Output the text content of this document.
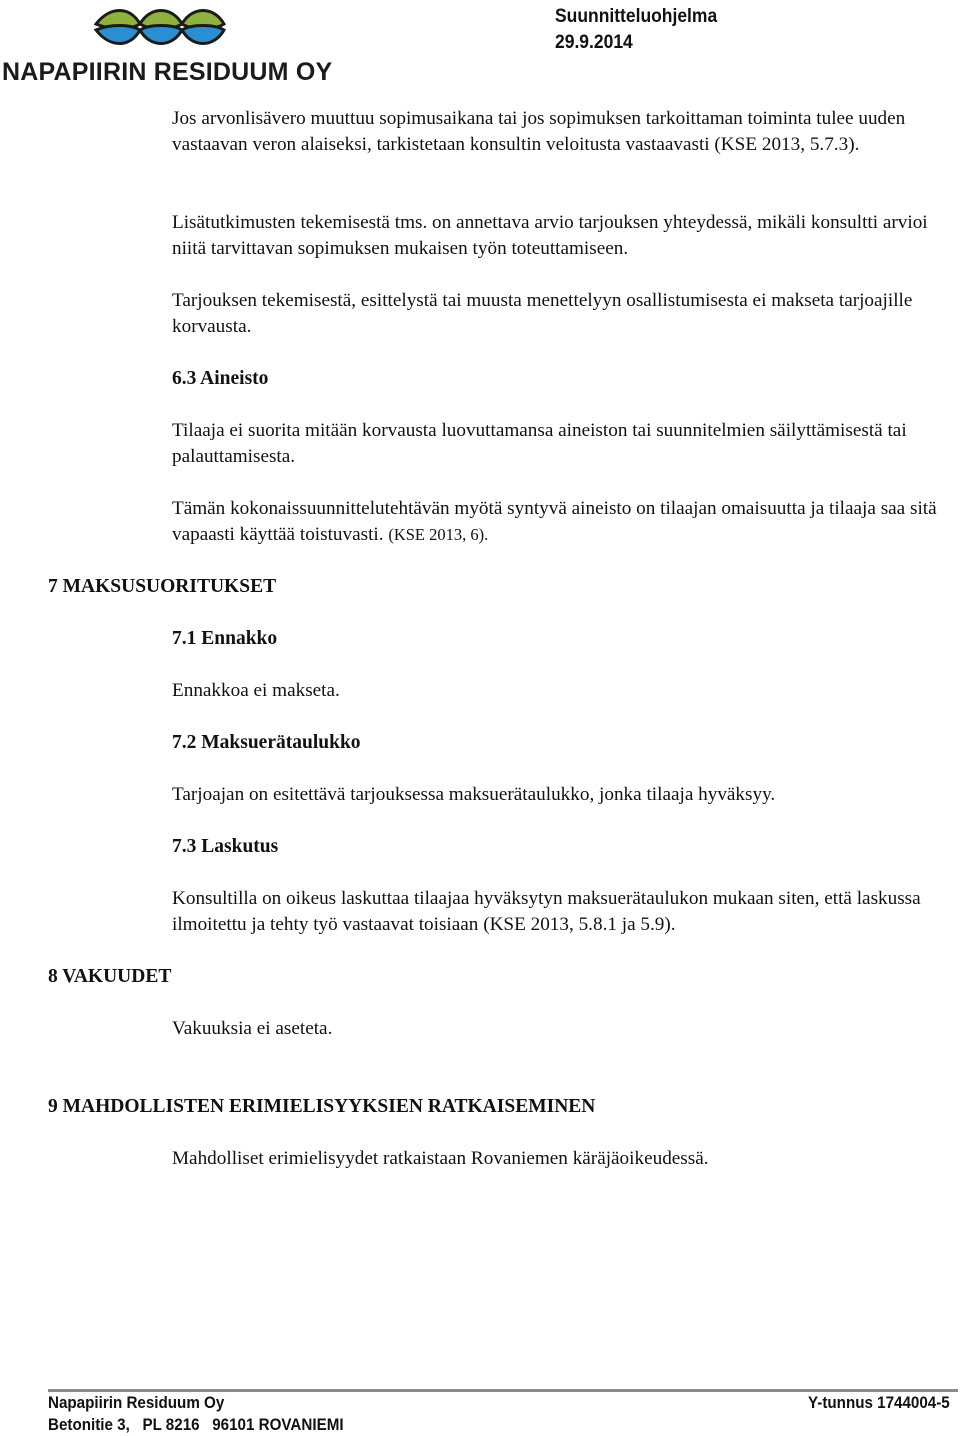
NAPAPIIRIN RESIDUUM OY
Suunnitteluohjelma
29.9.2014

Jos arvonlisävero muuttuu sopimusaikana tai jos sopimuksen tarkoittaman toiminta tulee uuden vastaavan veron alaiseksi, tarkistetaan konsultin veloitusta vastaavasti (KSE 2013, 5.7.3).

Lisätutkimusten tekemisestä tms. on annettava arvio tarjouksen yhteydessä, mikäli konsultti arvioi niitä tarvittavan sopimuksen mukaisen työn toteuttamiseen.

Tarjouksen tekemisestä, esittelystä tai muusta menettelyyn osallistumisesta ei makseta tarjoajille korvausta.

6.3 Aineisto

Tilaaja ei suorita mitään korvausta luovuttamansa aineiston tai suunnitelmien säilyttämisestä tai palauttamisesta.

Tämän kokonaissuunnittelutehtävän myötä syntyvä aineisto on tilaajan omaisuutta ja tilaaja saa sitä vapaasti käyttää toistuvasti. (KSE 2013, 6).

7 MAKSUSUORITUKSET
7.1 Ennakko

Ennakkoa ei makseta.

7.2 Maksuerätaulukko

Tarjoajan on esitettävä tarjouksessa maksuerätaulukko, jonka tilaaja hyväksyy.

7.3 Laskutus

Konsultilla on oikeus laskuttaa tilaajaa hyväksytyn maksuerätaulukon mukaan siten, että laskussa ilmoitettu ja tehty työ vastaavat toisiaan (KSE 2013, 5.8.1 ja 5.9).

8 VAKUUDET

Vakuuksia ei aseteta.

9 MAHDOLLISTEN ERIMIELISYYKSIEN RATKAISEMINEN

Mahdolliset erimielisyydet ratkaistaan Rovaniemen käräjäoikeudessä.

Napapiirin Residuum Oy
Betonitie 3,   PL 8216   96101 ROVANIEMI
Y-tunnus 1744004-5
